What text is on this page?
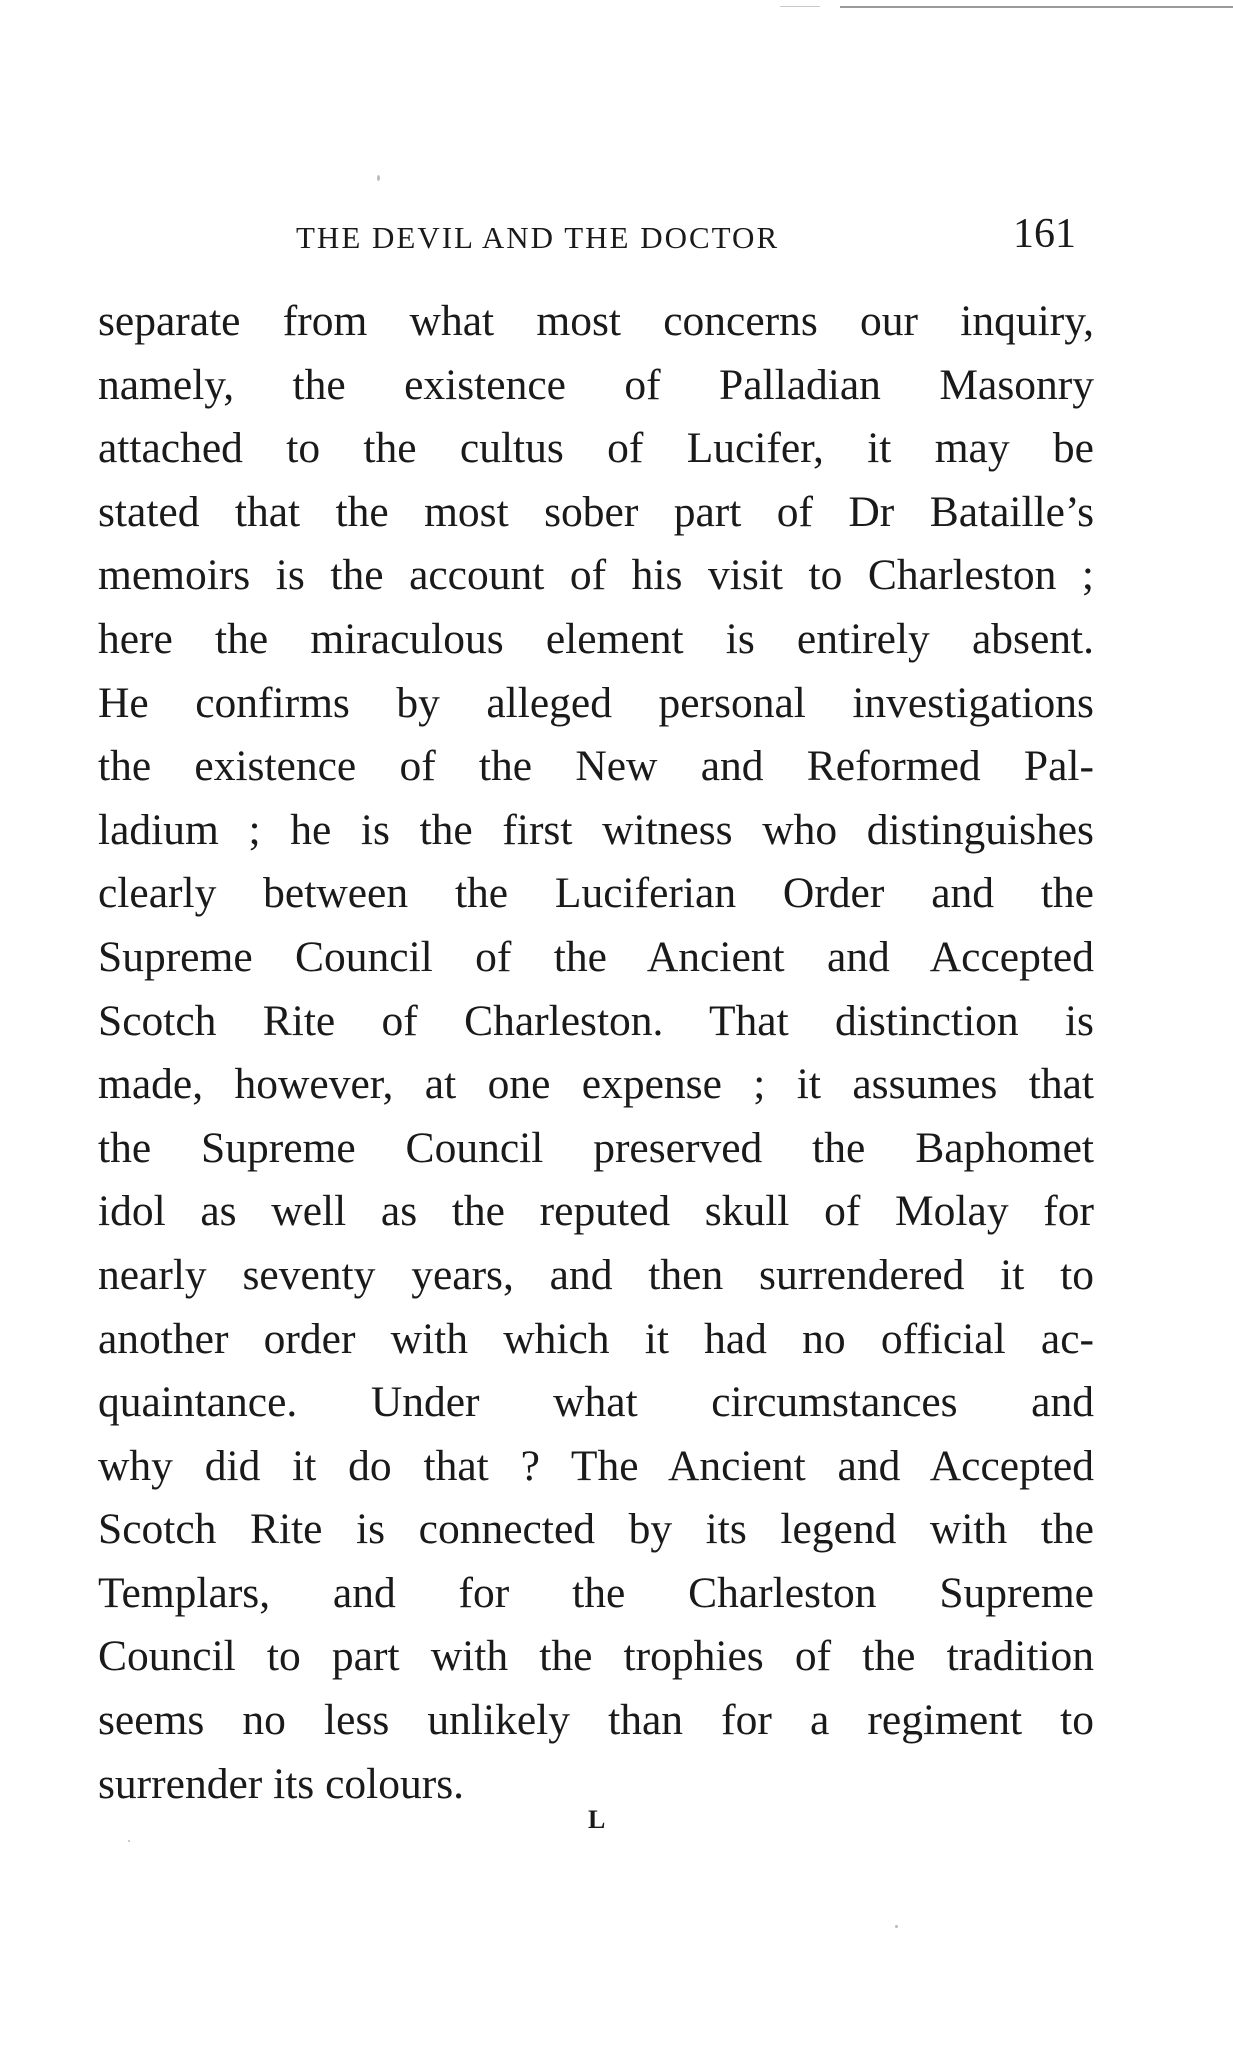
THE DEVIL AND THE DOCTOR	161
separate from what most concerns our inquiry,
namely, the existence of Palladian Masonry
attached to the cultus of Lucifer, it may be
stated that the most sober part of Dr Bataille’s
memoirs is the account of his visit to Charleston ;
here the miraculous element is entirely absent.
He confirms by alleged personal investigations
the existence of the New and Reformed Pal-
ladium ; he is the first witness who distinguishes
clearly between the Luciferian Order and the
Supreme Council of the Ancient and Accepted
Scotch Rite of Charleston. That distinction is
made, however, at one expense ; it assumes that
the Supreme Council preserved the Baphomet
idol as well as the reputed skull of Molay for
nearly seventy years, and then surrendered it to
another order with which it had no official ac-
quaintance. Under what circumstances and
why did it do that ? The Ancient and Accepted
Scotch Rite is connected by its legend with the
Templars, and for the Charleston Supreme
Council to part with the trophies of the tradition
seems no less unlikely than for a regiment to
surrender its colours.
L
